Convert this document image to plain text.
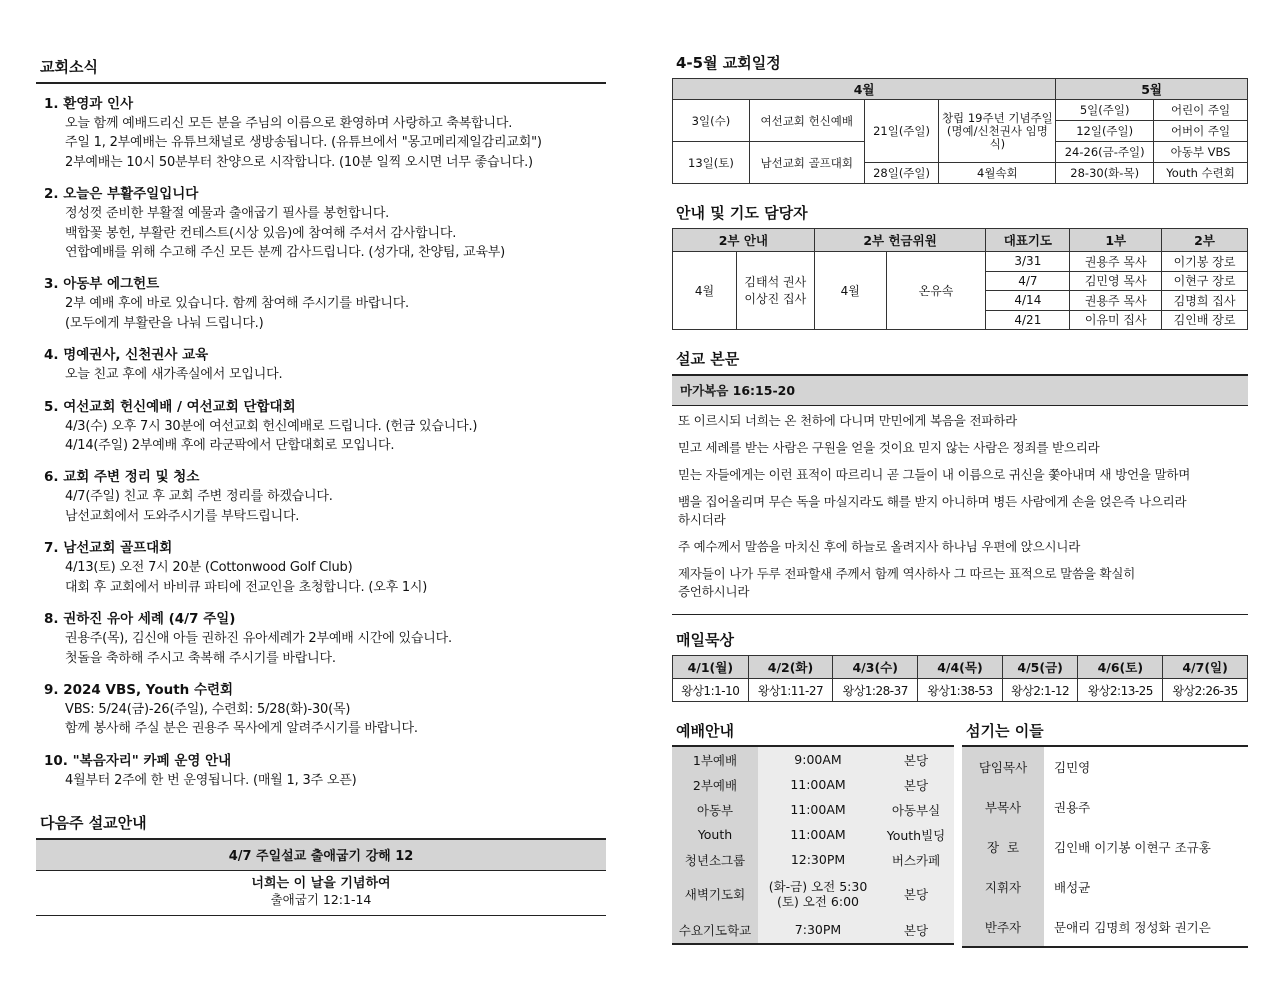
교회소식
1. 환영과 인사
오늘 함께 예배드리신 모든 분을 주님의 이름으로 환영하며 사랑하고 축복합니다.
주일 1, 2부예배는 유튜브채널로 생방송됩니다. (유튜브에서 "몽고메리제일감리교회")
2부예배는 10시 50분부터 찬양으로 시작합니다. (10분 일찍 오시면 너무 좋습니다.)
2. 오늘은 부활주일입니다
정성껏 준비한 부활절 예물과 출애굽기 필사를 봉헌합니다.
백합꽃 봉헌, 부활란 컨테스트(시상 있음)에 참여해 주셔서 감사합니다.
연합예배를 위해 수고해 주신 모든 분께 감사드립니다. (성가대, 찬양팀, 교육부)
3. 아동부 에그헌트
2부 예배 후에 바로 있습니다. 함께 참여해 주시기를 바랍니다.
(모두에게 부활란을 나눠 드립니다.)
4. 명예권사, 신천권사 교육
오늘 친교 후에 새가족실에서 모입니다.
5. 여선교회 헌신예배 / 여선교회 단합대회
4/3(수) 오후 7시 30분에 여선교회 헌신예배로 드립니다. (헌금 있습니다.)
4/14(주일) 2부예배 후에 라군팍에서 단합대회로 모입니다.
6. 교회 주변 정리 및 청소
4/7(주일) 친교 후 교회 주변 정리를 하겠습니다.
남선교회에서 도와주시기를 부탁드립니다.
7. 남선교회 골프대회
4/13(토) 오전 7시 20분 (Cottonwood Golf Club)
대회 후 교회에서 바비큐 파티에 전교인을 초청합니다. (오후 1시)
8. 권하진 유아 세례 (4/7 주일)
권용주(목), 김신애 아들 권하진 유아세례가 2부예배 시간에 있습니다.
첫돌을 축하해 주시고 축복해 주시기를 바랍니다.
9. 2024 VBS, Youth 수련회
VBS: 5/24(금)-26(주일), 수련회: 5/28(화)-30(목)
함께 봉사해 주실 분은 권용주 목사에게 알려주시기를 바랍니다.
10. "복음자리" 카페 운영 안내
4월부터 2주에 한 번 운영됩니다. (매월 1, 3주 오픈)
다음주 설교안내
4/7 주일설교 출애굽기 강해 12
너희는 이 날을 기념하여
출애굽기 12:1-14
4-5월 교회일정
4월				5월	
3일(수)	여선교회 헌신예배	21일(주일)	창립 19주년 기념주일 (명예/신천권사 임명식)	5일(주일)	어린이 주일
				12일(주일)	어버이 주일
13일(토)	남선교회 골프대회			24-26(금-주일)	아동부 VBS
		28일(주일)	4월속회	28-30(화-목)	Youth 수련회
안내 및 기도 담당자
2부 안내		2부 헌금위원		대표기도	1부	2부
4월	김태석 권사 이상진 집사	4월	온유속	3/31	권용주 목사	이기봉 장로
				4/7	김민영 목사	이현구 장로
				4/14	권용주 목사	김명희 집사
				4/21	이유미 집사	김인배 장로
설교 본문
마가복음 16:15-20
또 이르시되 너희는 온 천하에 다니며 만민에게 복음을 전파하라
믿고 세례를 받는 사람은 구원을 얻을 것이요 믿지 않는 사람은 정죄를 받으리라
믿는 자들에게는 이런 표적이 따르리니 곧 그들이 내 이름으로 귀신을 쫓아내며 새 방언을 말하며
뱀을 집어올리며 무슨 독을 마실지라도 해를 받지 아니하며 병든 사람에게 손을 얹은즉 나으리라
하시더라
주 예수께서 말씀을 마치신 후에 하늘로 올려지사 하나님 우편에 앉으시니라
제자들이 나가 두루 전파할새 주께서 함께 역사하사 그 따르는 표적으로 말씀을 확실히
증언하시니라
매일묵상
4/1(월)	4/2(화)	4/3(수)	4/4(목)	4/5(금)	4/6(토)	4/7(일)
왕상1:1-10	왕상1:11-27	왕상1:28-37	왕상1:38-53	왕상2:1-12	왕상2:13-25	왕상2:26-35
예배안내
1부예배	9:00AM	본당
2부예배	11:00AM	본당
아동부	11:00AM	아동부실
Youth	11:00AM	Youth빌딩
청년소그룹	12:30PM	버스카페
새벽기도회	(화-금) 오전 5:30 (토) 오전 6:00	본당
수요기도학교	7:30PM	본당
섬기는 이들
담임목사	김민영
부목사	권용주
장  로	김인배 이기봉 이현구 조규홍
지휘자	배성균
반주자	문애리 김명희 정성화 권기은
